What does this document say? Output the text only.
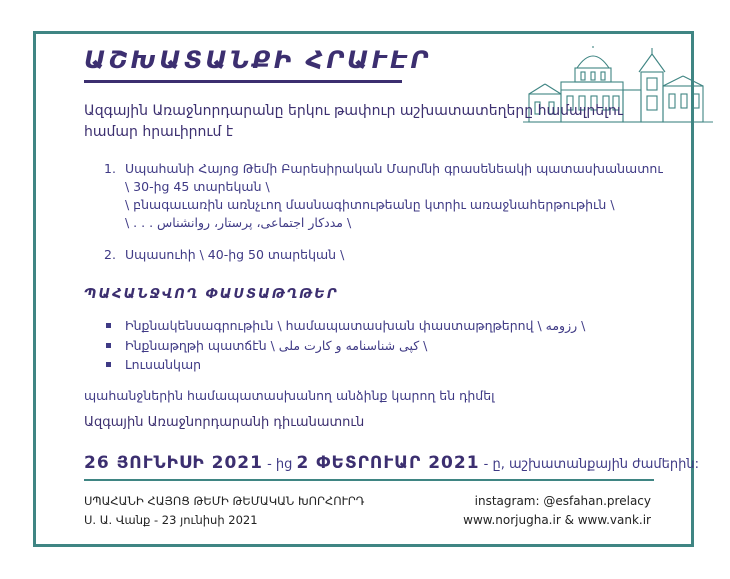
ԱՇԽԱՏԱՆՔԻ ՀՐԱՒԷՐ
Ազգային Առաջնորդարանը երկու թափուր աշխատատեղերը համալրելու համար հրաւիրում է
1. Սպահանի Հայոց Թեմի Բարեսիրական Մարմնի գրասենեակի պատասխանատու \ 30-ից 45 տարեկան \
\ բնագաւառին առնչւող մասնագիտութեանը կտրիւ առաջնահերթութիւն \
\ مددکار اجتماعی، پرستار، روانشناس . . . \
2. Սպասուհի \ 40-ից 50 տարեկան \
ՊԱՀԱՆՋՎՈՂ ՓԱՍՏԱԹՂԹԵՐ
Ինքնակենսագրութիւն \ համապատասխան փաստաթղթերով \ رزومه \
Ինքնաթղթի պատճէն \ کپی شناسنامه و کارت ملی \
Լուսանկար
պահանջներին համապատասխանող անձինք կարող են դիմել
Ազգային Առաջնորդարանի դիւանատուն
26 ՅՈՒՆԻՍԻ 2021 - ից 2 ՓԵՏՐՈՒԱՐ 2021 - ը, աշխատանքային ժամերին:
ՍՊԱՀԱՆԻ ՀԱՅՈՑ ԹԵՄԻ ԹԵՄԱԿԱՆ ԽՈՐՀՈՒՐԴ
Ս. Ա. Վանք - 23 յունիսի 2021
instagram: @esfahan.prelacy
www.norjugha.ir & www.vank.ir
